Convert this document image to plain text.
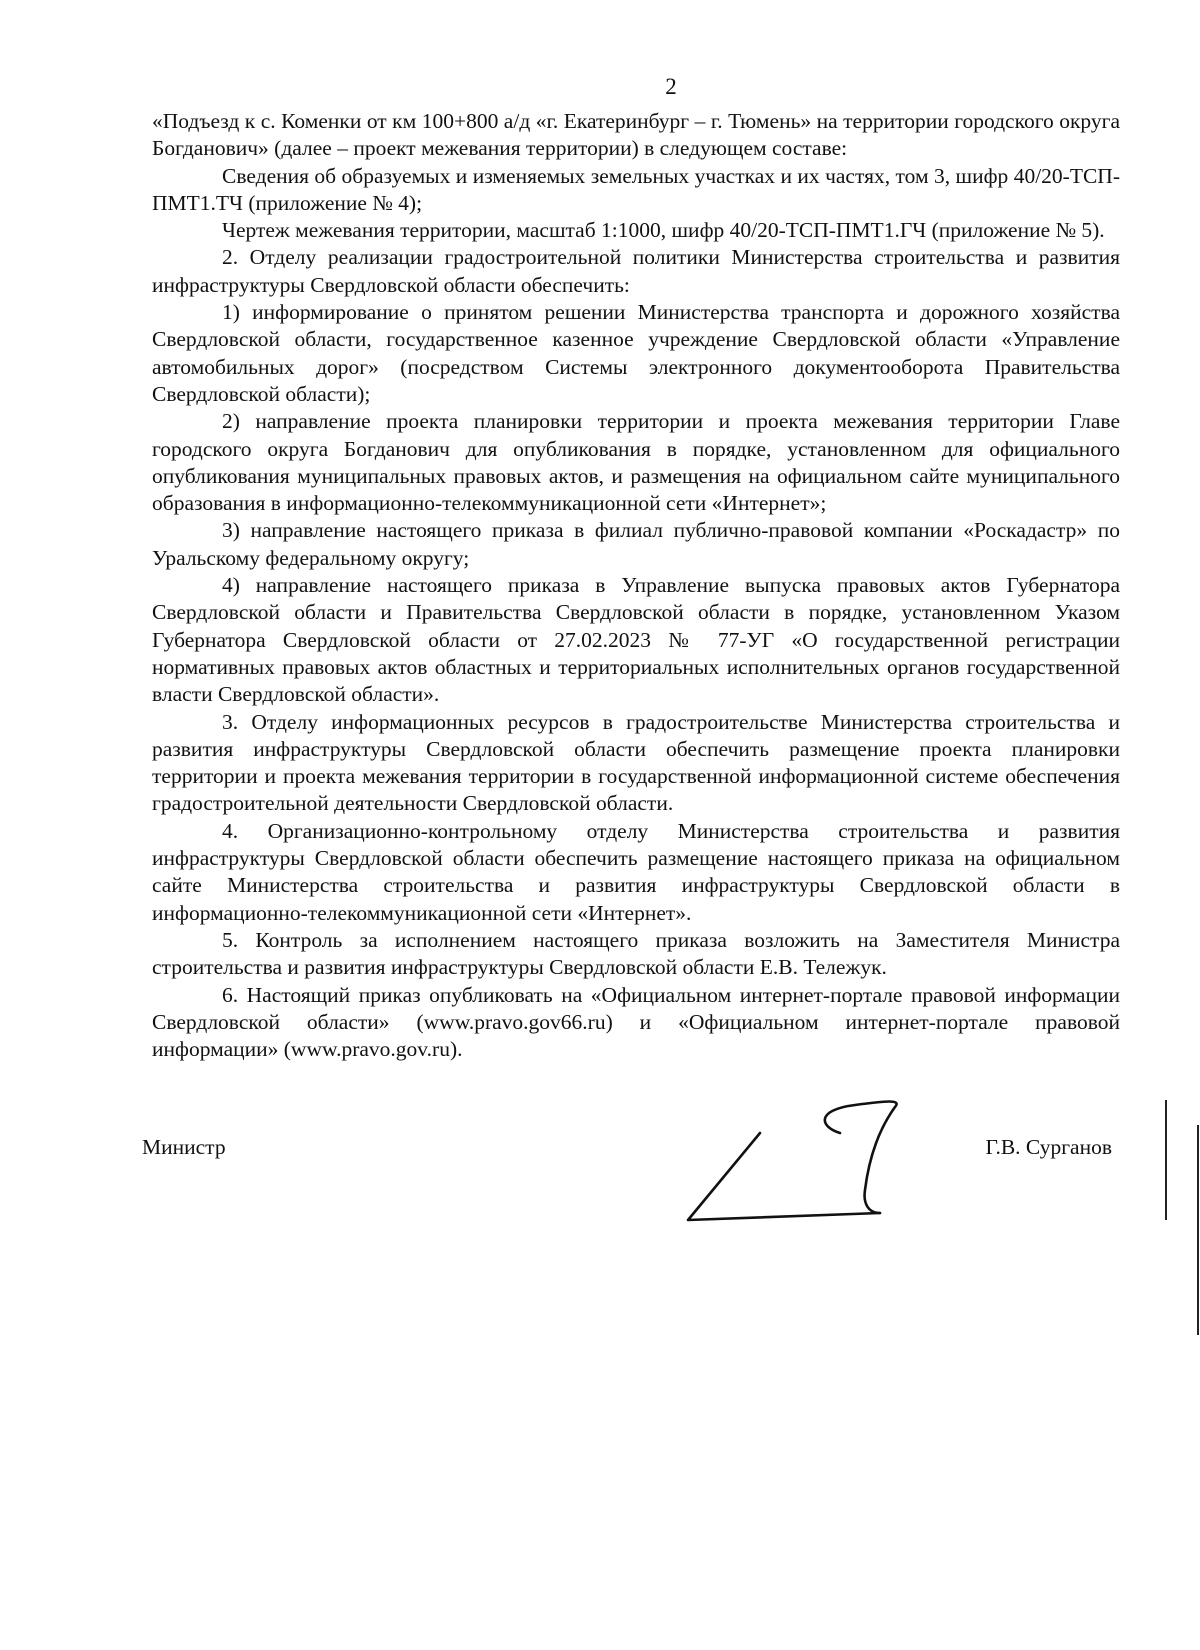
2

«Подъезд к с. Коменки от км 100+800 а/д «г. Екатеринбург – г. Тюмень» на территории городского округа Богданович» (далее – проект межевания территории) в следующем составе:

Сведения об образуемых и изменяемых земельных участках и их частях, том 3, шифр 40/20-ТСП-ПМТ1.ТЧ (приложение № 4);

Чертеж межевания территории, масштаб 1:1000, шифр 40/20-ТСП-ПМТ1.ГЧ (приложение № 5).

2. Отделу реализации градостроительной политики Министерства строительства и развития инфраструктуры Свердловской области обеспечить:

1) информирование о принятом решении Министерства транспорта и дорожного хозяйства Свердловской области, государственное казенное учреждение Свердловской области «Управление автомобильных дорог» (посредством Системы электронного документооборота Правительства Свердловской области);

2) направление проекта планировки территории и проекта межевания территории Главе городского округа Богданович для опубликования в порядке, установленном для официального опубликования муниципальных правовых актов, и размещения на официальном сайте муниципального образования в информационно-телекоммуникационной сети «Интернет»;

3) направление настоящего приказа в филиал публично-правовой компании «Роскадастр» по Уральскому федеральному округу;

4) направление настоящего приказа в Управление выпуска правовых актов Губернатора Свердловской области и Правительства Свердловской области в порядке, установленном Указом Губернатора Свердловской области от 27.02.2023 № 77-УГ «О государственной регистрации нормативных правовых актов областных и территориальных исполнительных органов государственной власти Свердловской области».

3. Отделу информационных ресурсов в градостроительстве Министерства строительства и развития инфраструктуры Свердловской области обеспечить размещение проекта планировки территории и проекта межевания территории в государственной информационной системе обеспечения градостроительной деятельности Свердловской области.

4. Организационно-контрольному отделу Министерства строительства и развития инфраструктуры Свердловской области обеспечить размещение настоящего приказа на официальном сайте Министерства строительства и развития инфраструктуры Свердловской области в информационно-телекоммуникационной сети «Интернет».

5. Контроль за исполнением настоящего приказа возложить на Заместителя Министра строительства и развития инфраструктуры Свердловской области Е.В. Тележук.

6. Настоящий приказ опубликовать на «Официальном интернет-портале правовой информации Свердловской области» (www.pravo.gov66.ru) и «Официальном интернет-портале правовой информации» (www.pravo.gov.ru).

Министр	Г.В. Сурганов
